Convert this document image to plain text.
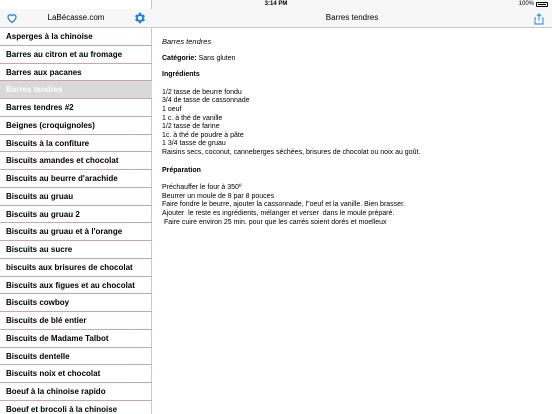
3:14 PM	100%
LaBécasse.com
Asperges à la chinoise
Barres au citron et au fromage
Barres aux pacanes
Barres tendres
Barres tendres #2
Beignes (croquignoles)
Biscuits à la confiture
Biscuits amandes et chocolat
Biscuits au beurre d'arachide
Biscuits au gruau
Biscuits au gruau 2
Biscuits au gruau et à l'orange
Biscuits au sucre
biscuits aux brisures de chocolat
Biscuits aux figues et au chocolat
Biscuits cowboy
Biscuits de blé entier
Biscuits de Madame Talbot
Biscuits dentelle
Biscuits noix et chocolat
Boeuf à la chinoise rapido
Boeuf et brocoli à la chinoise
Barres tendres
Barres tendres
Catégorie: Sans gluten
Ingrédients
1/2 tasse de beurre fondu
3/4 de tasse de cassonnade
1 oeuf
1 c. à thé de vanille
1/2 tasse de farine
1c. à thé de poudre à pâte
1 3/4 tasse de gruau
Raisins secs, coconut, canneberges séchées, brisures de chocolat ou noix au goût.
Préparation
Préchauffer le four à 350º
Beurrer un moule de 8 par 8 pouces
Faire fondre le beurre, ajouter la cassonnade, l"oeuf et la vanille. Bien brasser.
Ajouter  le reste es ingrédients, mélanger et verser  dans le moule préparé.
Faire cuire environ 25 min. pour que les carrés soient dorés et moelleux
